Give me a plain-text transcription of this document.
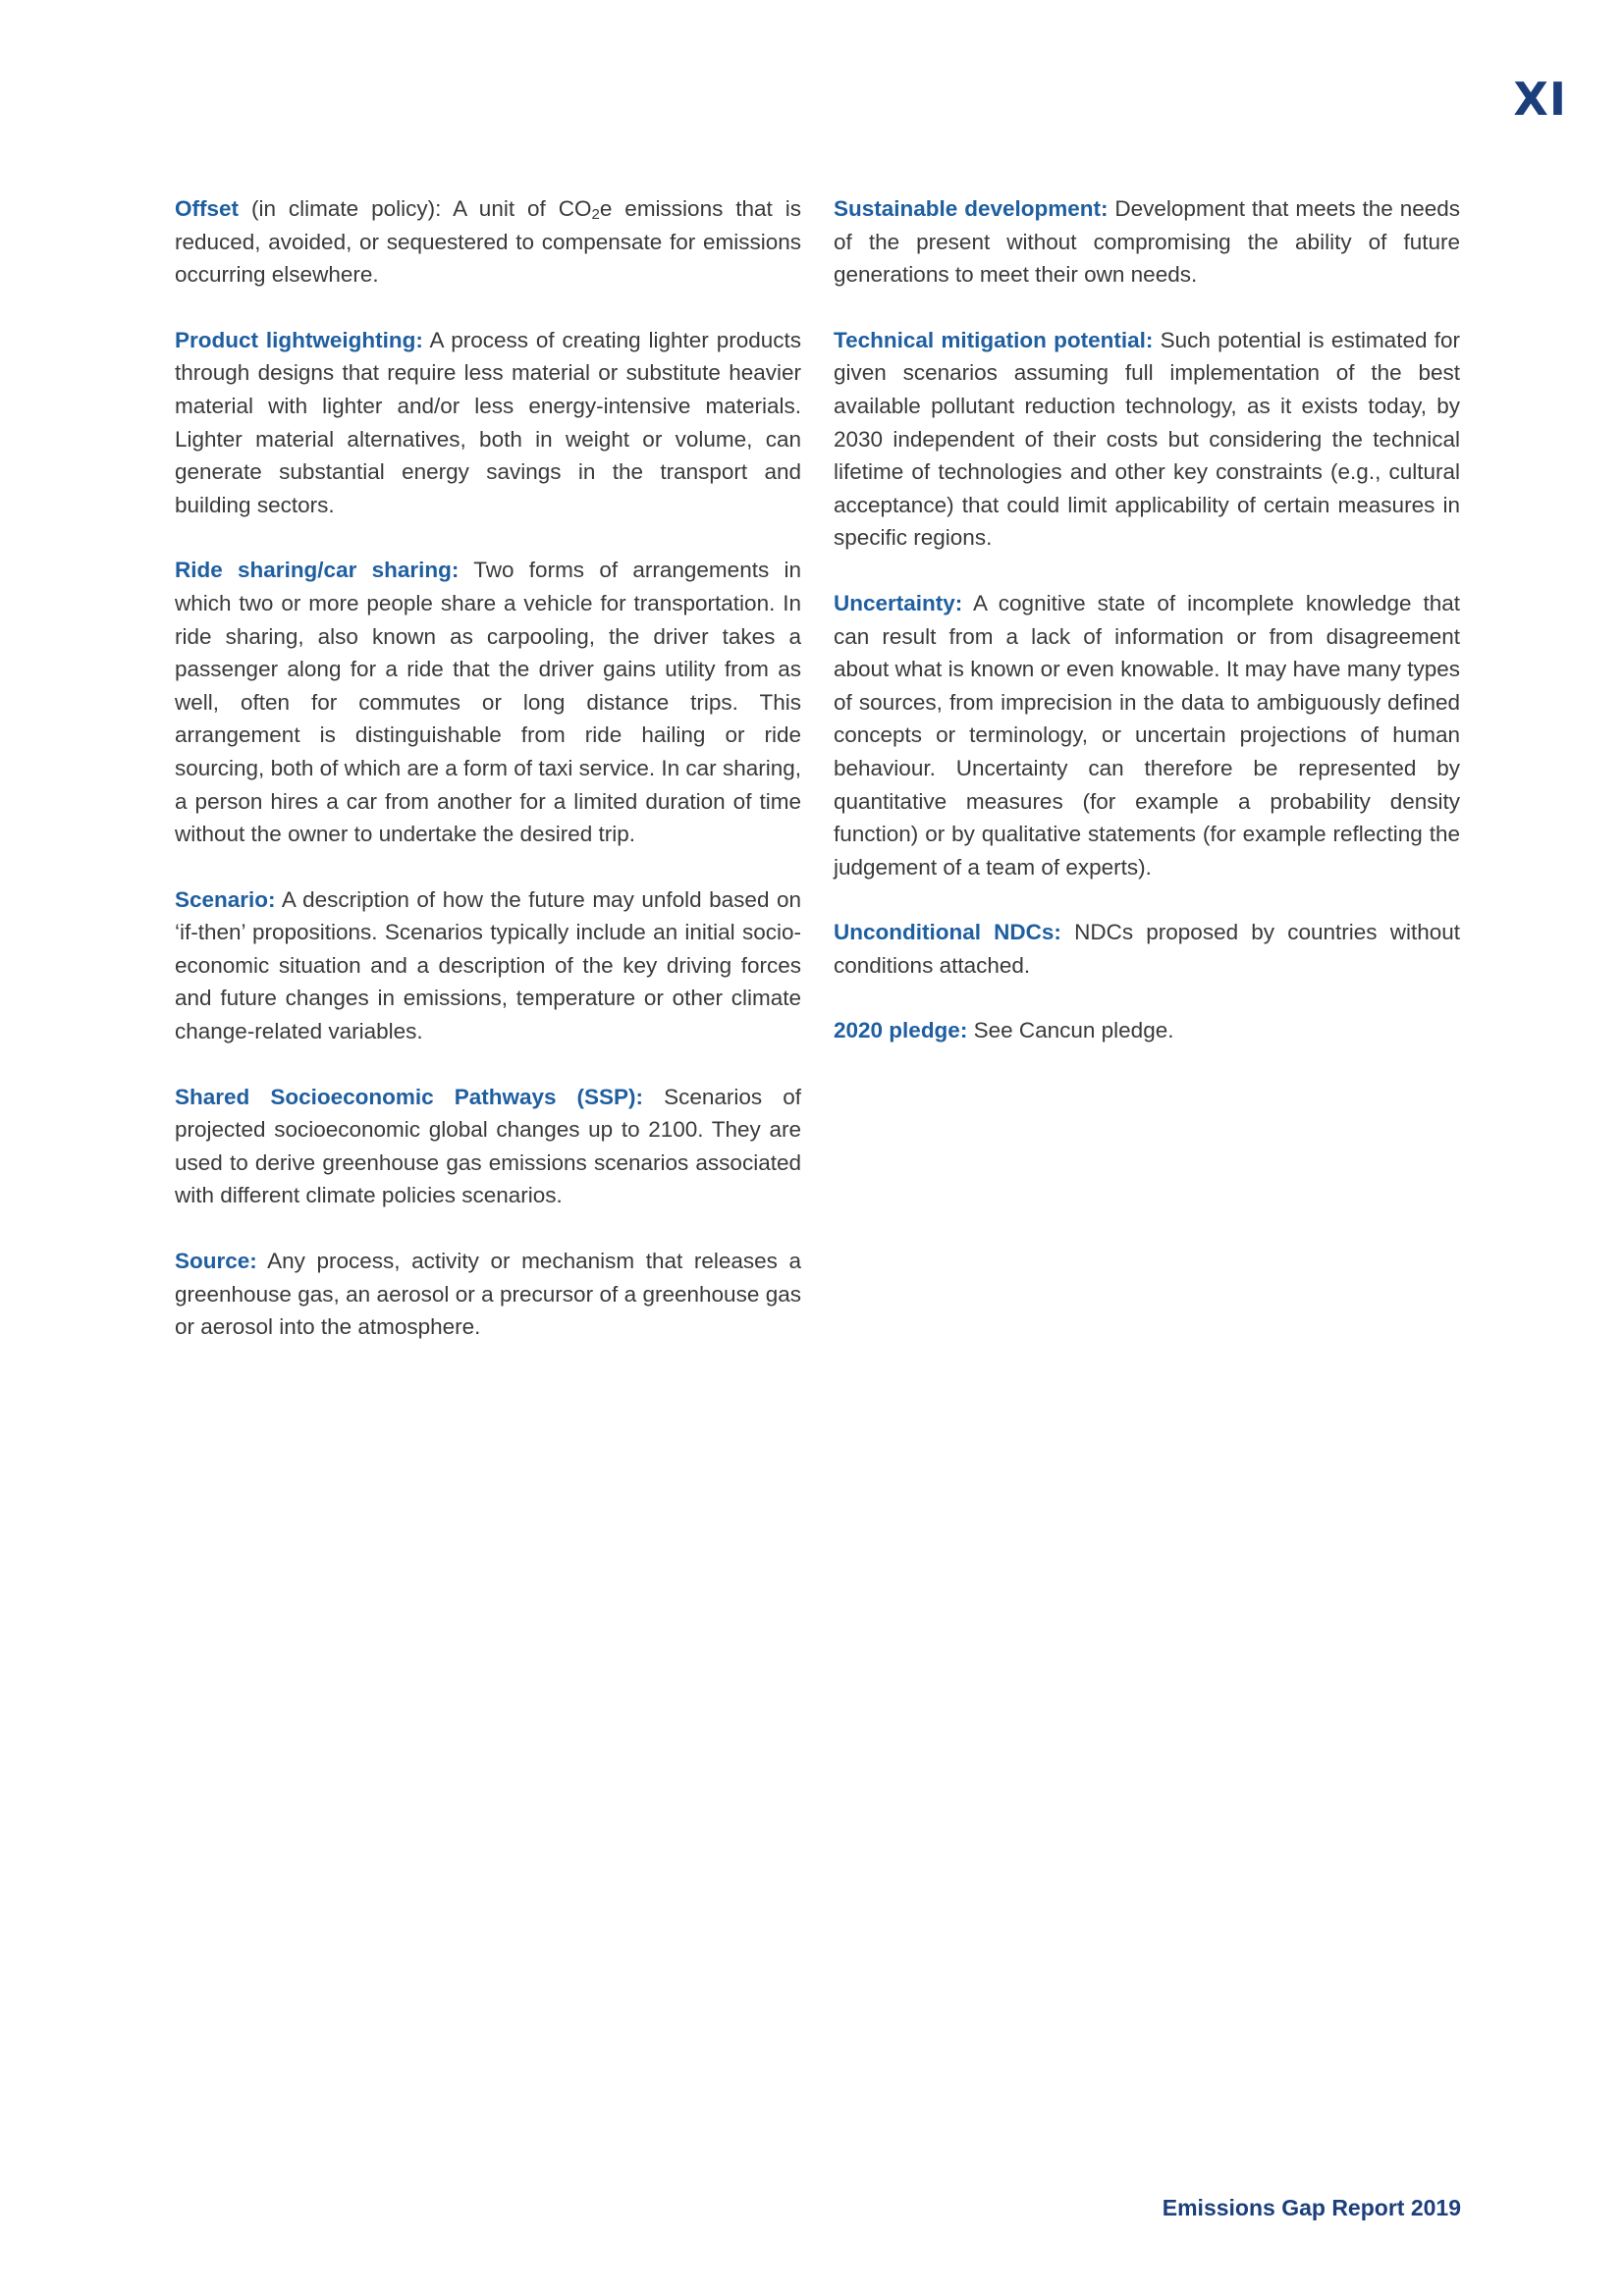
XI

Offset (in climate policy): A unit of $CO_2e$ emissions that is reduced, avoided, or sequestered to compensate for emissions occurring elsewhere.

Product lightweighting: A process of creating lighter products through designs that require less material or substitute heavier material with lighter and/or less energy-intensive materials. Lighter material alternatives, both in weight or volume, can generate substantial energy savings in the transport and building sectors.

Ride sharing/car sharing: Two forms of arrangements in which two or more people share a vehicle for transportation. In ride sharing, also known as carpooling, the driver takes a passenger along for a ride that the driver gains utility from as well, often for commutes or long distance trips. This arrangement is distinguishable from ride hailing or ride sourcing, both of which are a form of taxi service. In car sharing, a person hires a car from another for a limited duration of time without the owner to undertake the desired trip.

Scenario: A description of how the future may unfold based on ‘if-then’ propositions. Scenarios typically include an initial socio-economic situation and a description of the key driving forces and future changes in emissions, temperature or other climate change-related variables.

Shared Socioeconomic Pathways (SSP): Scenarios of projected socioeconomic global changes up to 2100. They are used to derive greenhouse gas emissions scenarios associated with different climate policies scenarios.

Source: Any process, activity or mechanism that releases a greenhouse gas, an aerosol or a precursor of a greenhouse gas or aerosol into the atmosphere.

Sustainable development: Development that meets the needs of the present without compromising the ability of future generations to meet their own needs.

Technical mitigation potential: Such potential is estimated for given scenarios assuming full implementation of the best available pollutant reduction technology, as it exists today, by 2030 independent of their costs but considering the technical lifetime of technologies and other key constraints (e.g., cultural acceptance) that could limit applicability of certain measures in specific regions.

Uncertainty: A cognitive state of incomplete knowledge that can result from a lack of information or from disagreement about what is known or even knowable. It may have many types of sources, from imprecision in the data to ambiguously defined concepts or terminology, or uncertain projections of human behaviour. Uncertainty can therefore be represented by quantitative measures (for example a probability density function) or by qualitative statements (for example reflecting the judgement of a team of experts).

Unconditional NDCs: NDCs proposed by countries without conditions attached.

2020 pledge: See Cancun pledge.

Emissions Gap Report 2019
